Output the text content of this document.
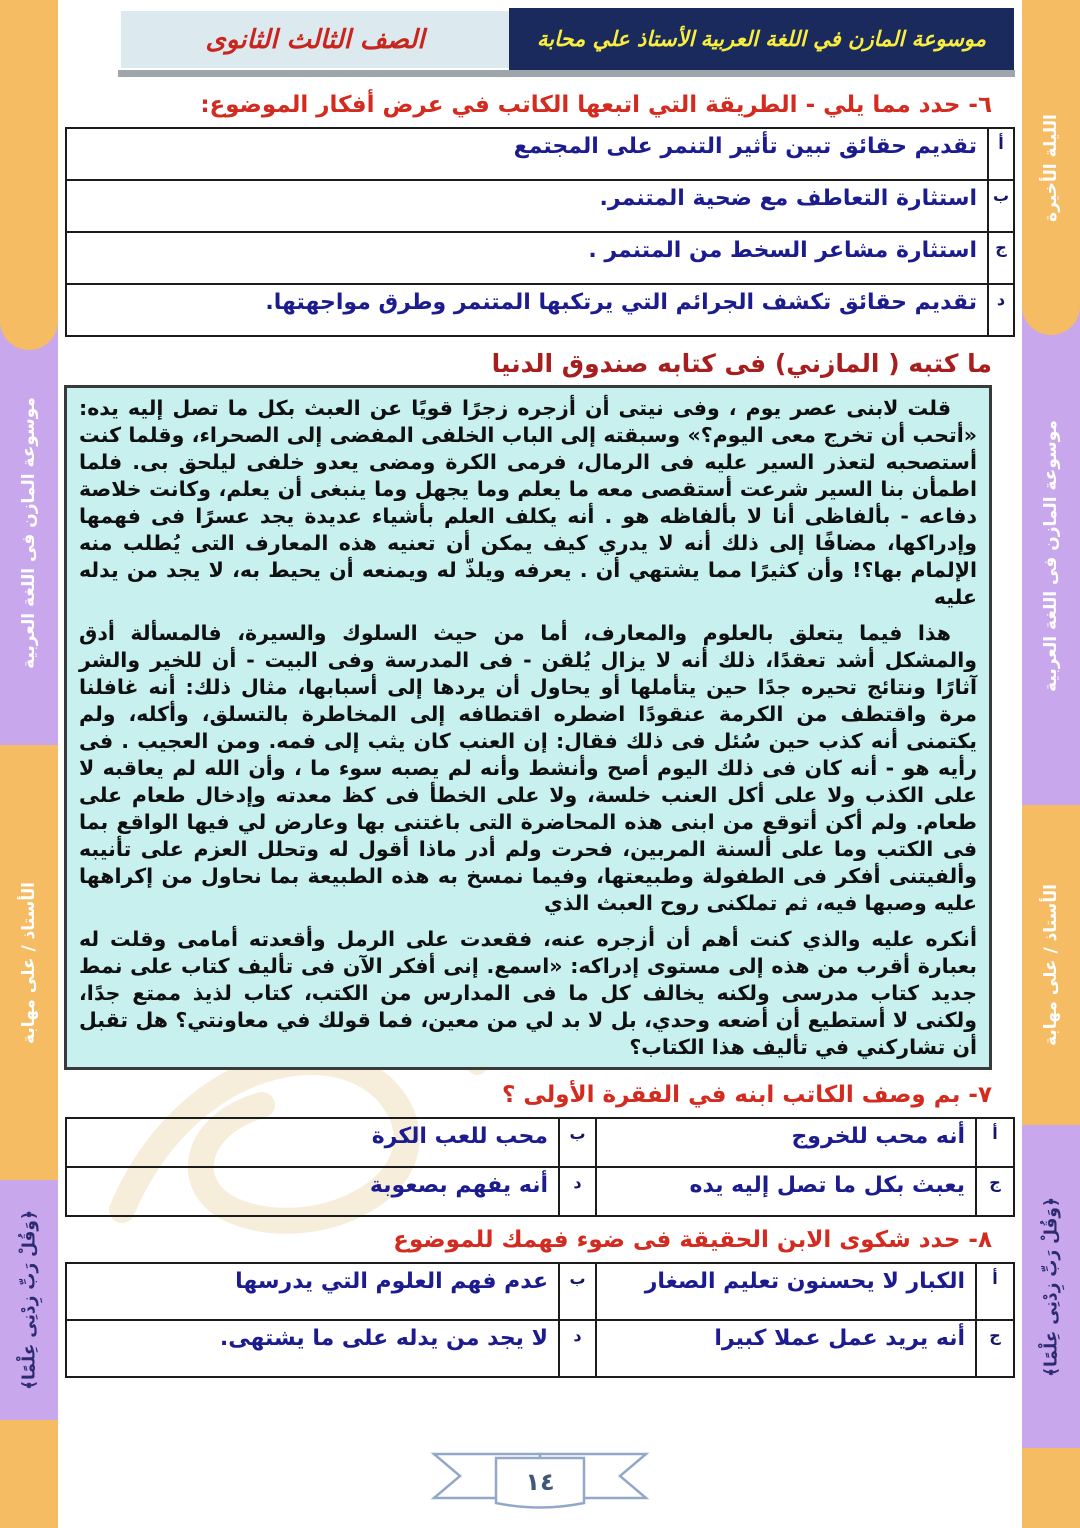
موسوعة المازن فى اللغة العربية
الأستاذ / على مهابة
﴿وَقُلْ رَبِّ زِدْنِى عِلْمًا﴾
الليلة الأخيرة
موسوعة المازن فى اللغة العربية
الأستاذ / على مهابة
﴿وَقُلْ رَبِّ زِدْنِى عِلْمًا﴾
موسوعة المازن في اللغة العربية
الأستاذ علي محابة
الصف الثالث الثانوى
٦- حدد مما يلي - الطريقة التي اتبعها الكاتب في عرض أفكار الموضوع:
أ	تقديم حقائق تبين تأثير التنمر على المجتمع
ب	استثارة التعاطف مع ضحية المتنمر.
ج	استثارة مشاعر السخط من المتنمر .
د	تقديم حقائق تكشف الجرائم التي يرتكبها المتنمر وطرق مواجهتها.
ما كتبه ( المازني) فى كتابه صندوق الدنيا

قلت لابنى عصر يوم ، وفى نيتى أن أزجره زجرًا قويًا عن العبث بكل ما تصل إليه يده: «أتحب أن تخرج معى اليوم؟» وسبقته إلى الباب الخلفى المفضى إلى الصحراء، وقلما كنت أستصحبه لتعذر السير عليه فى الرمال، فرمى الكرة ومضى يعدو خلفى ليلحق بى. فلما اطمأن بنا السير شرعت أستقصى معه ما يعلم وما يجهل وما ينبغى أن يعلم، وكانت خلاصة دفاعه - بألفاظى أنا لا بألفاظه هو . أنه يكلف العلم بأشياء عديدة يجد عسرًا فى فهمها وإدراكها، مضافًا إلى ذلك أنه لا يدري كيف يمكن أن تعنيه هذه المعارف التى يُطلب منه الإلمام بها؟! وأن كثيرًا مما يشتهي أن . يعرفه ويلذّ له ويمنعه أن يحيط به، لا يجد من يدله عليه

هذا فيما يتعلق بالعلوم والمعارف، أما من حيث السلوك والسيرة، فالمسألة أدق والمشكل أشد تعقدًا، ذلك أنه لا يزال يُلقن - فى المدرسة وفى البيت - أن للخير والشر آثارًا ونتائج تحيره جدًا حين يتأملها أو يحاول أن يردها إلى أسبابها، مثال ذلك: أنه غافلنا مرة واقتطف من الكرمة عنقودًا اضطره اقتطافه إلى المخاطرة بالتسلق، وأكله، ولم يكتمنى أنه كذب حين سُئل فى ذلك فقال: إن العنب كان يثب إلى فمه. ومن العجيب . فى رأيه هو - أنه كان فى ذلك اليوم أصح وأنشط وأنه لم يصبه سوء ما ، وأن الله لم يعاقبه لا على الكذب ولا على أكل العنب خلسة، ولا على الخطأ فى كظ معدته وإدخال طعام على طعام. ولم أكن أتوقع من ابنى هذه المحاضرة التى باغتنى بها وعارض لي فيها الواقع بما فى الكتب وما على ألسنة المربين، فحرت ولم أدر ماذا أقول له وتحلل العزم على تأنيبه وألفيتنى أفكر فى الطفولة وطبيعتها، وفيما نمسخ به هذه الطبيعة بما نحاول من إكراهها عليه وصبها فيه، ثم تملكنى روح العبث الذي

أنكره عليه والذي كنت أهم أن أزجره عنه، فقعدت على الرمل وأقعدته أمامى وقلت له بعبارة أقرب من هذه إلى مستوى إدراكه: «اسمع. إنى أفكر الآن فى تأليف كتاب على نمط جديد كتاب مدرسى ولكنه يخالف كل ما فى المدارس من الكتب، كتاب لذيذ ممتع جدًا، ولكنى لا أستطيع أن أضعه وحدي، بل لا بد لي من معين، فما قولك في معاونتي؟ هل تقبل أن تشاركني في تأليف هذا الكتاب؟

٧- بم وصف الكاتب ابنه في الفقرة الأولى ؟
أ	أنه محب للخروج	ب	محب للعب الكرة
ج	يعبث بكل ما تصل إليه يده	د	أنه يفهم بصعوبة
٨- حدد شكوى الابن الحقيقة فى ضوء فهمك للموضوع
أ	الكبار لا يحسنون تعليم الصغار	ب	عدم فهم العلوم التي يدرسها
ج	أنه يريد عمل عملا كبيرا	د	لا يجد من يدله على ما يشتهى.
١٤
